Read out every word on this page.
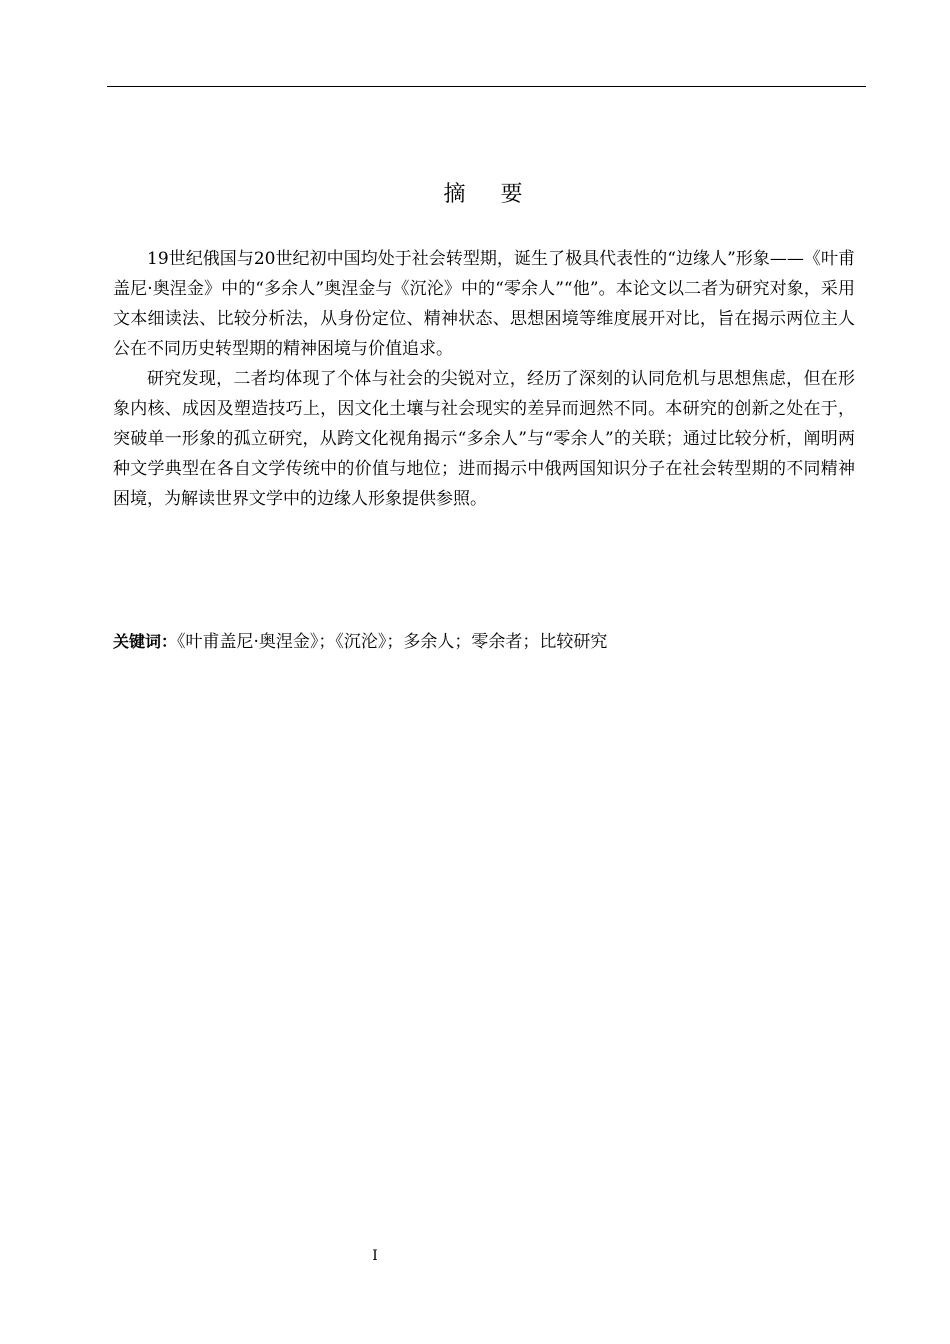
摘 要

19世纪俄国与20世纪初中国均处于社会转型期，诞生了极具代表性的“边缘人”形象——《叶甫盖尼·奥涅金》中的“多余人”奥涅金与《沉沦》中的“零余人”“他”。本论文以二者为研究对象，采用文本细读法、比较分析法，从身份定位、精神状态、思想困境等维度展开对比，旨在揭示两位主人公在不同历史转型期的精神困境与价值追求。

研究发现，二者均体现了个体与社会的尖锐对立，经历了深刻的认同危机与思想焦虑，但在形象内核、成因及塑造技巧上，因文化土壤与社会现实的差异而迥然不同。本研究的创新之处在于，突破单一形象的孤立研究，从跨文化视角揭示“多余人”与“零余人”的关联；通过比较分析，阐明两种文学典型在各自文学传统中的价值与地位；进而揭示中俄两国知识分子在社会转型期的不同精神困境，为解读世界文学中的边缘人形象提供参照。

关键词：《叶甫盖尼·奥涅金》；《沉沦》；多余人；零余者；比较研究
I
